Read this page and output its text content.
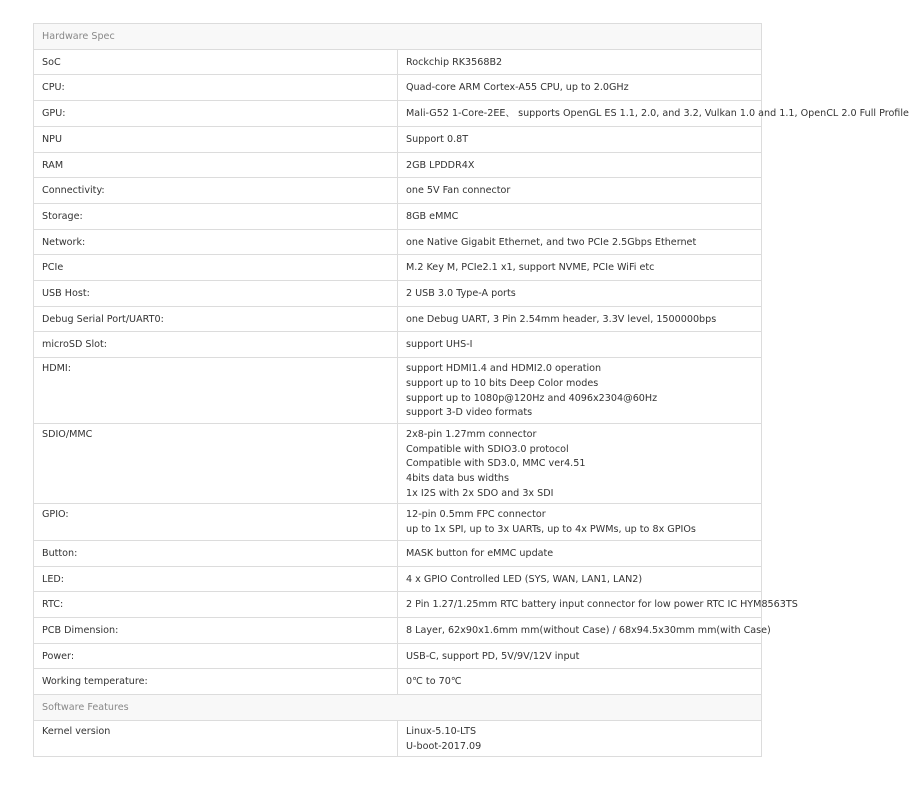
Hardware Spec	
SoC	Rockchip RK3568B2

CPU:	Quad-core ARM Cortex-A55 CPU, up to 2.0GHz

GPU:	Mali-G52 1-Core-2EE、 supports OpenGL ES 1.1, 2.0, and 3.2, Vulkan 1.0 and 1.1, OpenCL 2.0 Full Profile

NPU	Support 0.8T

RAM	2GB LPDDR4X

Connectivity:	one 5V Fan connector

Storage:	8GB eMMC

Network:	one Native Gigabit Ethernet, and two PCIe 2.5Gbps Ethernet

PCIe	M.2 Key M, PCIe2.1 x1, support NVME, PCIe WiFi etc

USB Host:	2 USB 3.0 Type-A ports

Debug Serial Port/UART0:	one Debug UART, 3 Pin 2.54mm header, 3.3V level, 1500000bps

microSD Slot:	support UHS-I

HDMI:	support HDMI1.4 and HDMI2.0 operation
support up to 10 bits Deep Color modes
support up to 1080p@120Hz and 4096x2304@60Hz
support 3-D video formats

SDIO/MMC	2x8-pin 1.27mm connector
Compatible with SDIO3.0 protocol
Compatible with SD3.0, MMC ver4.51
4bits data bus widths
1x I2S with 2x SDO and 3x SDI

GPIO:	12-pin 0.5mm FPC connector
up to 1x SPI, up to 3x UARTs, up to 4x PWMs, up to 8x GPIOs

Button:	MASK button for eMMC update

LED:	4 x GPIO Controlled LED (SYS, WAN, LAN1, LAN2)

RTC:	2 Pin 1.27/1.25mm RTC battery input connector for low power RTC IC HYM8563TS

PCB Dimension:	8 Layer, 62x90x1.6mm mm(without Case) / 68x94.5x30mm mm(with Case)

Power:	USB-C, support PD, 5V/9V/12V input

Working temperature:	0℃ to 70℃

Software Features	
Kernel version	Linux-5.10-LTS
U-boot-2017.09
